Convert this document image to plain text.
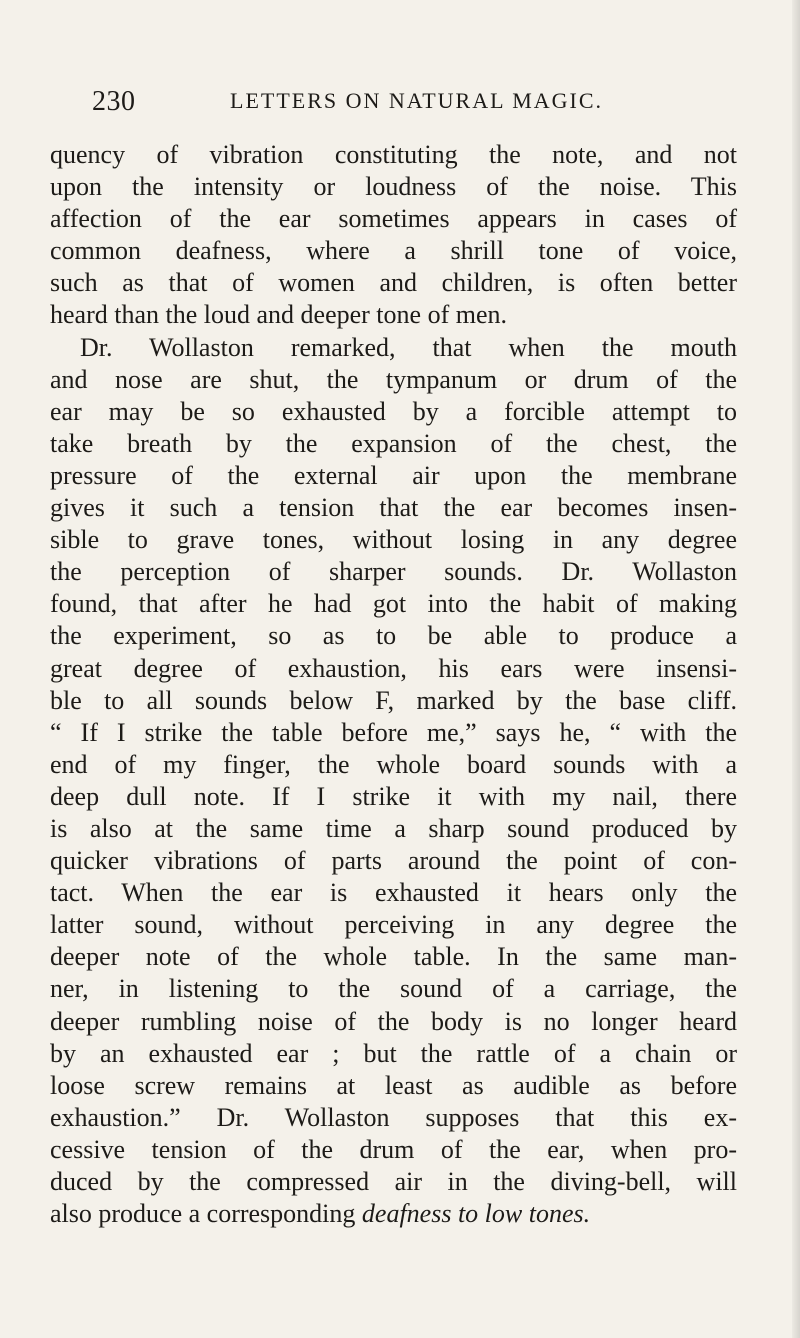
230	LETTERS ON NATURAL MAGIC.
quency of vibration constituting the note, and not
upon the intensity or loudness of the noise. This
affection of the ear sometimes appears in cases of
common deafness, where a shrill tone of voice,
such as that of women and children, is often better
heard than the loud and deeper tone of men.
Dr. Wollaston remarked, that when the mouth
and nose are shut, the tympanum or drum of the
ear may be so exhausted by a forcible attempt to
take breath by the expansion of the chest, the
pressure of the external air upon the membrane
gives it such a tension that the ear becomes insen-
sible to grave tones, without losing in any degree
the perception of sharper sounds. Dr. Wollaston
found, that after he had got into the habit of making
the experiment, so as to be able to produce a
great degree of exhaustion, his ears were insensi-
ble to all sounds below F, marked by the base cliff.
“ If I strike the table before me,” says he, “ with the
end of my finger, the whole board sounds with a
deep dull note. If I strike it with my nail, there
is also at the same time a sharp sound produced by
quicker vibrations of parts around the point of con-
tact. When the ear is exhausted it hears only the
latter sound, without perceiving in any degree the
deeper note of the whole table. In the same man-
ner, in listening to the sound of a carriage, the
deeper rumbling noise of the body is no longer heard
by an exhausted ear ; but the rattle of a chain or
loose screw remains at least as audible as before
exhaustion.” Dr. Wollaston supposes that this ex-
cessive tension of the drum of the ear, when pro-
duced by the compressed air in the diving-bell, will
also produce a corresponding deafness to low tones.
